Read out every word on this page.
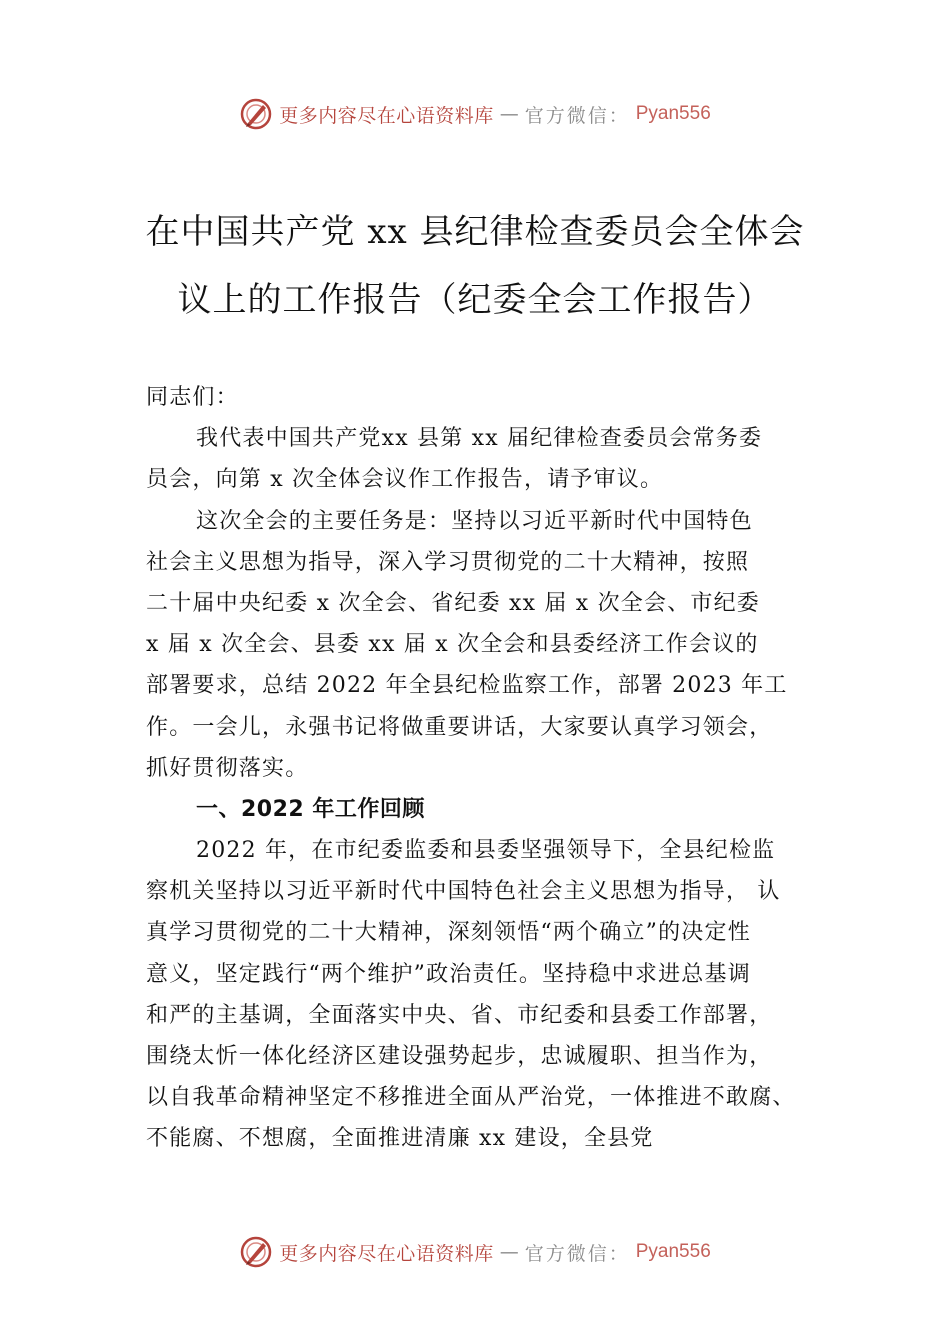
更多内容尽在心语资料库 — 官方微信： Pyan556
在中国共产党 xx 县纪律检查委员会全体会
议上的工作报告（纪委全会工作报告）
同志们：
我代表中国共产党xx 县第 xx 届纪律检查委员会常务委
员会，向第 x 次全体会议作工作报告，请予审议。
这次全会的主要任务是：坚持以习近平新时代中国特色
社会主义思想为指导，深入学习贯彻党的二十大精神，按照
二十届中央纪委 x 次全会、省纪委 xx 届 x 次全会、市纪委
x 届 x 次全会、县委 xx 届 x 次全会和县委经济工作会议的
部署要求，总结 2022 年全县纪检监察工作，部署 2023 年工
作。一会儿，永强书记将做重要讲话，大家要认真学习领会，
抓好贯彻落实。
一、2022 年工作回顾
2022 年，在市纪委监委和县委坚强领导下，全县纪检监
察机关坚持以习近平新时代中国特色社会主义思想为指导， 认
真学习贯彻党的二十大精神，深刻领悟“两个确立”的决定性
意义，坚定践行“两个维护”政治责任。坚持稳中求进总基调
和严的主基调，全面落实中央、省、市纪委和县委工作部署，
围绕太忻一体化经济区建设强势起步，忠诚履职、担当作为，
以自我革命精神坚定不移推进全面从严治党，一体推进不敢腐、
不能腐、不想腐，全面推进清廉 xx 建设，全县党
更多内容尽在心语资料库 — 官方微信： Pyan556
